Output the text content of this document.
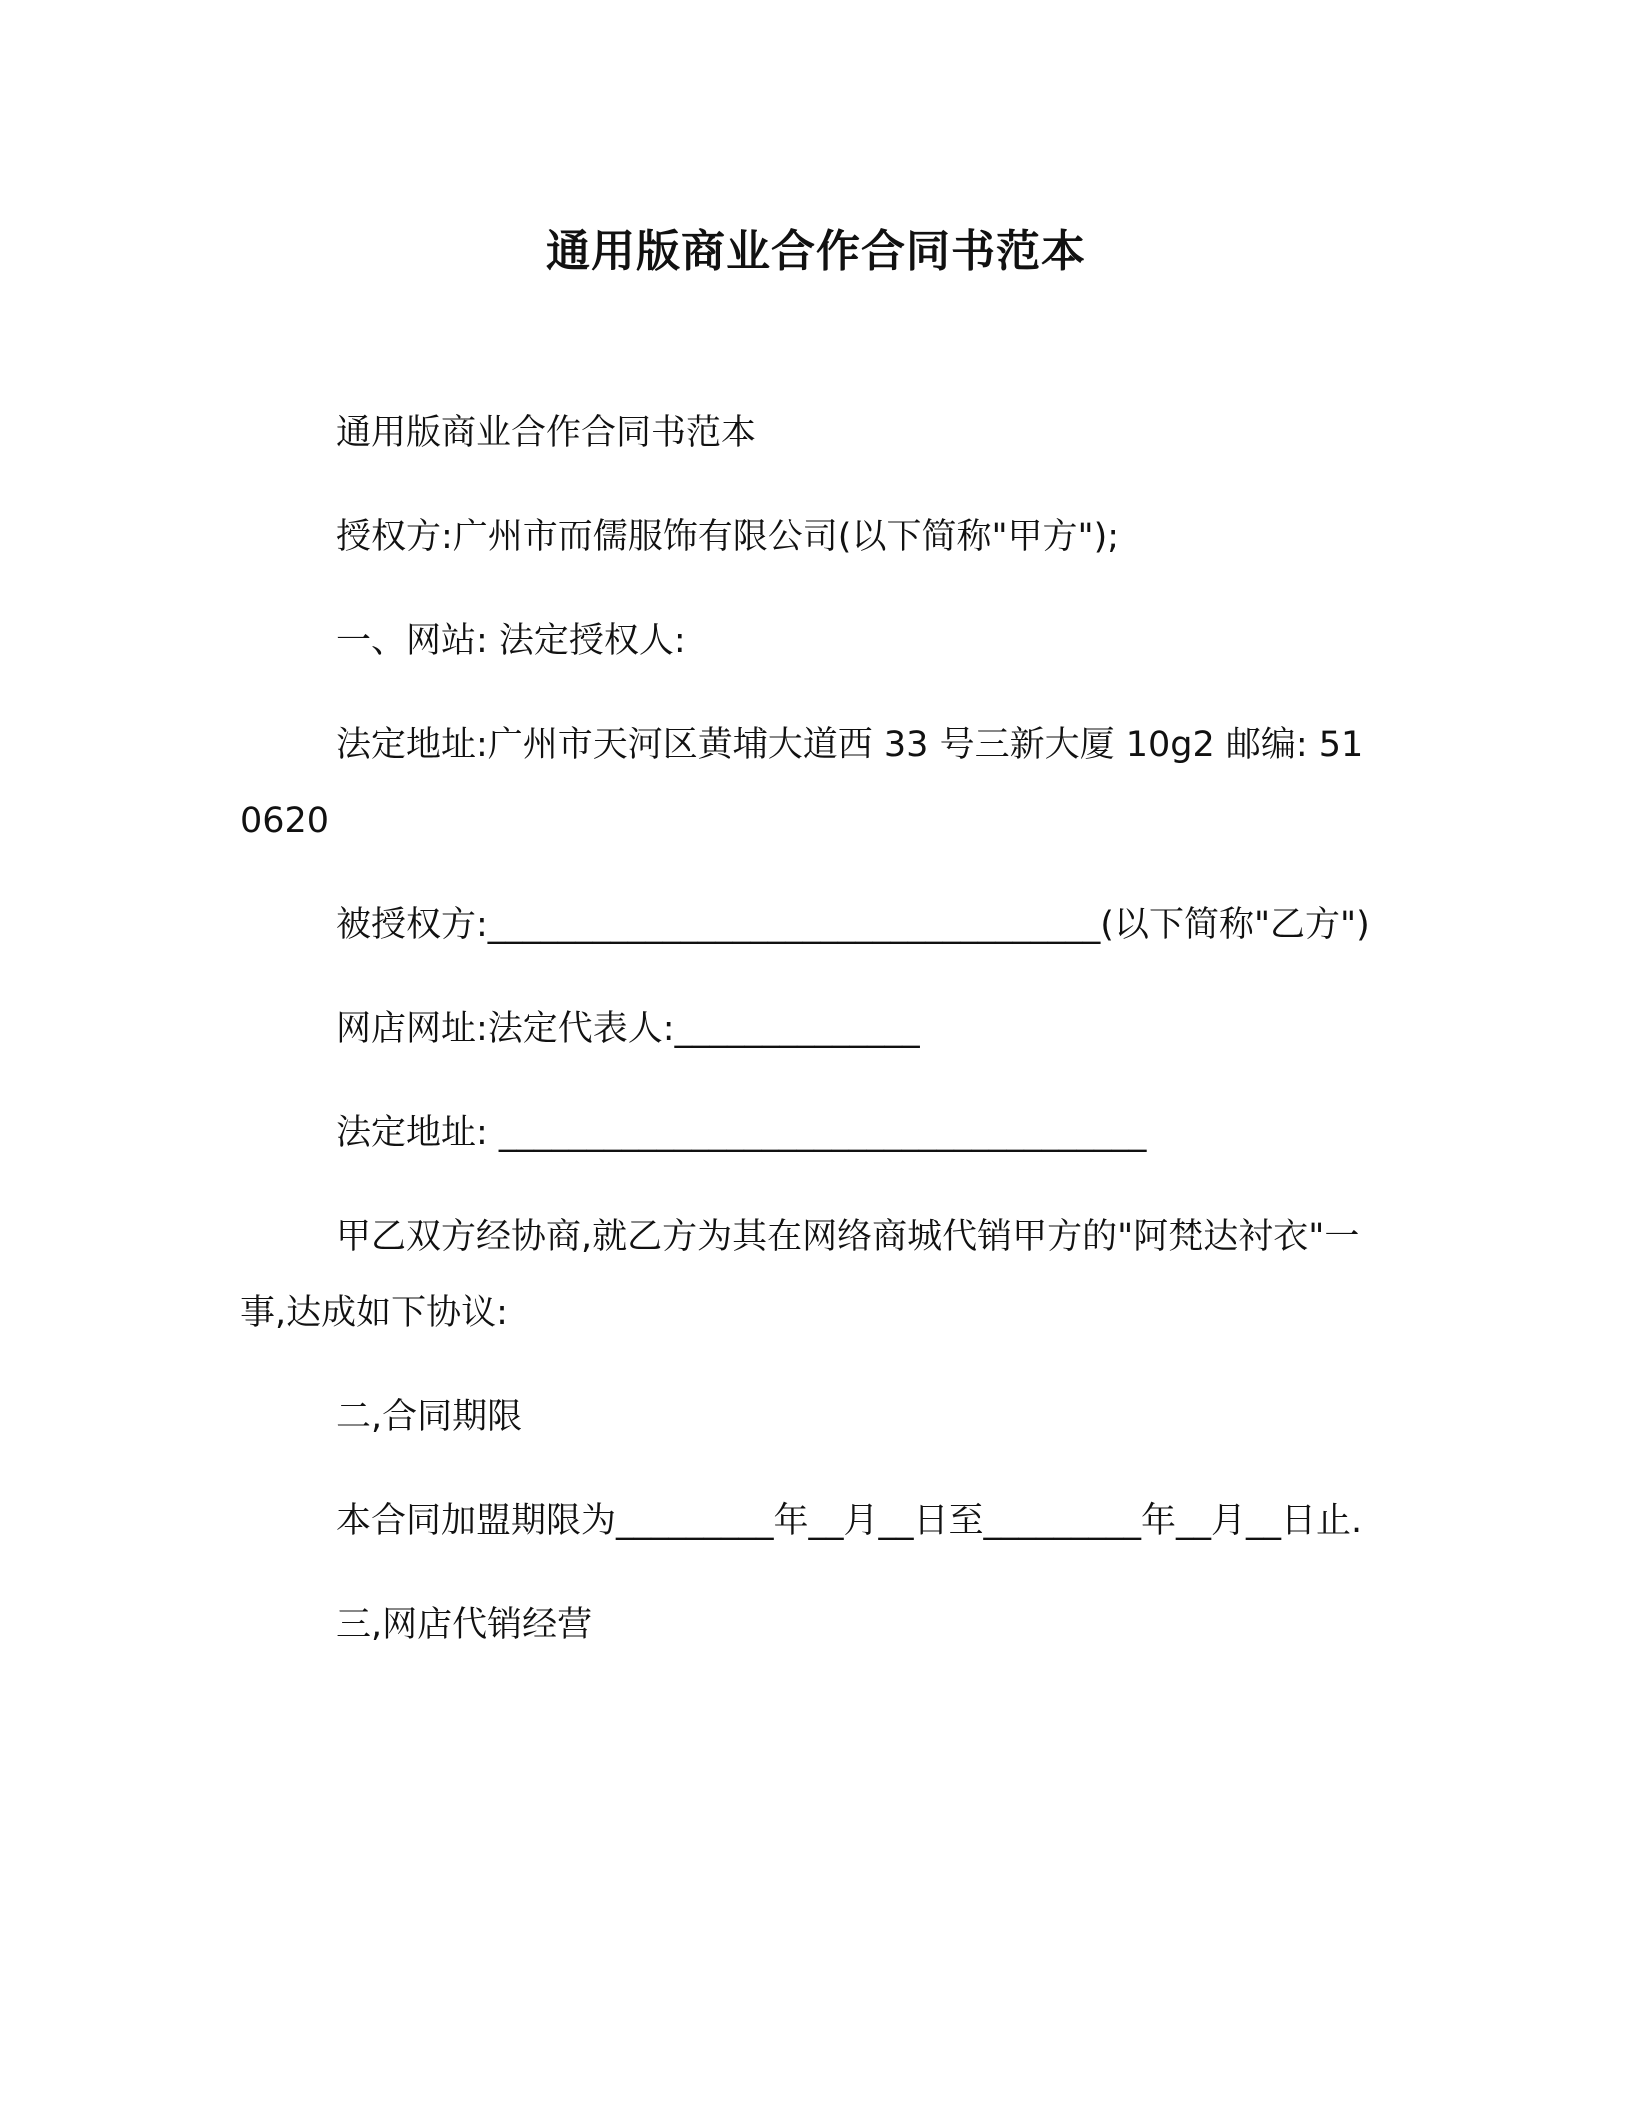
通用版商业合作合同书范本

通用版商业合作合同书范本

授权方:广州市而儒服饰有限公司(以下简称"甲方");

一、网站: 法定授权人:

法定地址:广州市天河区黄埔大道西 33 号三新大厦 10g2 邮编: 510620

被授权方:___________________________________(以下简称"乙方")

网店网址:法定代表人:______________

法定地址: _____________________________________

甲乙双方经协商,就乙方为其在网络商城代销甲方的"阿梵达衬衣"一事,达成如下协议:

二,合同期限

本合同加盟期限为_________年__月__日至_________年__月__日止.

三,网店代销经营
